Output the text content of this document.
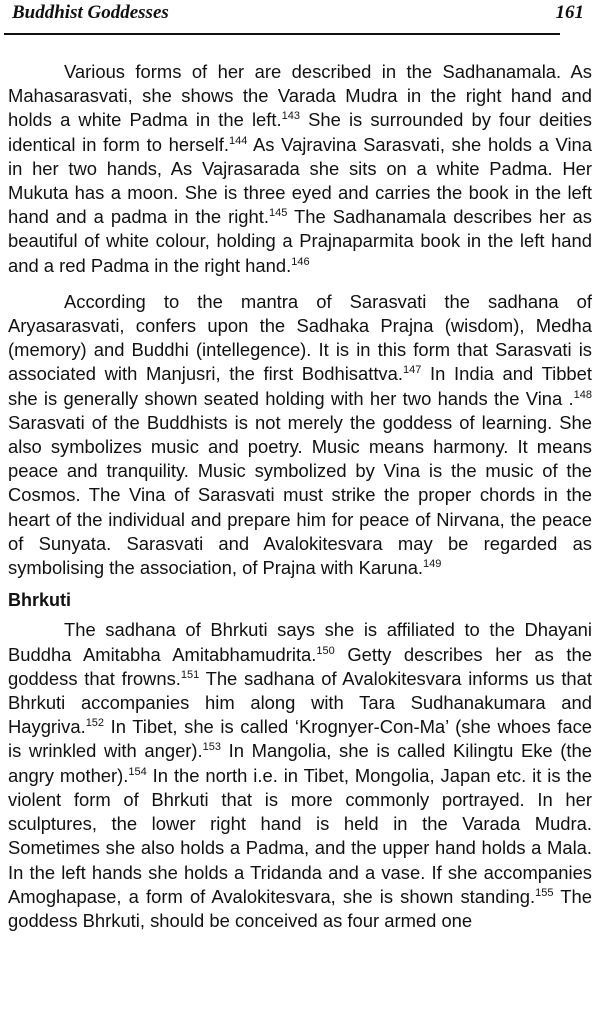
Buddhist Goddesses	161

Various forms of her are described in the Sadhanamala. As Mahasarasvati, she shows the Varada Mudra in the right hand and holds a white Padma in the left.$^{143}$ She is surrounded by four deities identical in form to herself.$^{144}$ As Vajravina Sarasvati, she holds a Vina in her two hands, As Vajrasarada she sits on a white Padma. Her Mukuta has a moon. She is three eyed and carries the book in the left hand and a padma in the right.$^{145}$ The Sadhanamala describes her as beautiful of white colour, holding a Prajnaparmita book in the left hand and a red Padma in the right hand.$^{146}$

According to the mantra of Sarasvati the sadhana of Aryasarasvati, confers upon the Sadhaka Prajna (wisdom), Medha (memory) and Buddhi (intellegence). It is in this form that Sarasvati is associated with Manjusri, the first Bodhisattva.$^{147}$ In India and Tibbet she is generally shown seated holding with her two hands the Vina .$^{148}$ Sarasvati of the Buddhists is not merely the goddess of learning. She also symbolizes music and poetry. Music means harmony. It means peace and tranquility. Music symbolized by Vina is the music of the Cosmos. The Vina of Sarasvati must strike the proper chords in the heart of the individual and prepare him for peace of Nirvana, the peace of Sunyata. Sarasvati and Avalokitesvara may be regarded as symbolising the association, of Prajna with Karuna.$^{149}$

Bhrkuti

The sadhana of Bhrkuti says she is affiliated to the Dhayani Buddha Amitabha Amitabhamudrita.$^{150}$ Getty describes her as the goddess that frowns.$^{151}$ The sadhana of Avalokitesvara informs us that Bhrkuti accompanies him along with Tara Sudhanakumara and Haygriva.$^{152}$ In Tibet, she is called ‘Krognyer-Con-Ma’ (she whoes face is wrinkled with anger).$^{153}$ In Mangolia, she is called Kilingtu Eke (the angry mother).$^{154}$ In the north i.e. in Tibet, Mongolia, Japan etc. it is the violent form of Bhrkuti that is more commonly portrayed. In her sculptures, the lower right hand is held in the Varada Mudra. Sometimes she also holds a Padma, and the upper hand holds a Mala. In the left hands she holds a Tridanda and a vase. If she accompanies Amoghapase, a form of Avalokitesvara, she is shown standing.$^{155}$ The goddess Bhrkuti, should be conceived as four armed one
